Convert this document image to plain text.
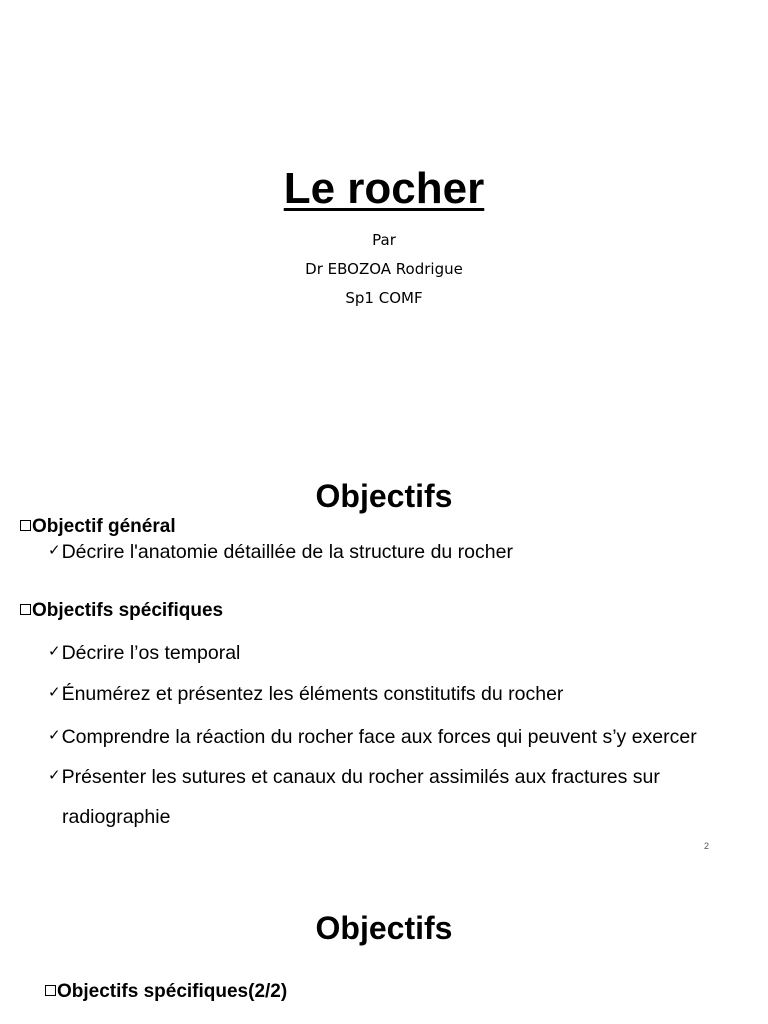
Le rocher
Par
Dr EBOZOA Rodrigue
Sp1 COMF
Objectifs
Objectif général
✓Décrire l'anatomie détaillée de la structure du rocher
Objectifs spécifiques
✓Décrire l’os temporal
✓Énumérez et présentez les éléments constitutifs du rocher
✓Comprendre la réaction du rocher face aux forces qui peuvent s’y exercer
✓Présenter les sutures et canaux du rocher assimilés aux fractures sur
radiographie
2
Objectifs
Objectifs spécifiques(2/2)
